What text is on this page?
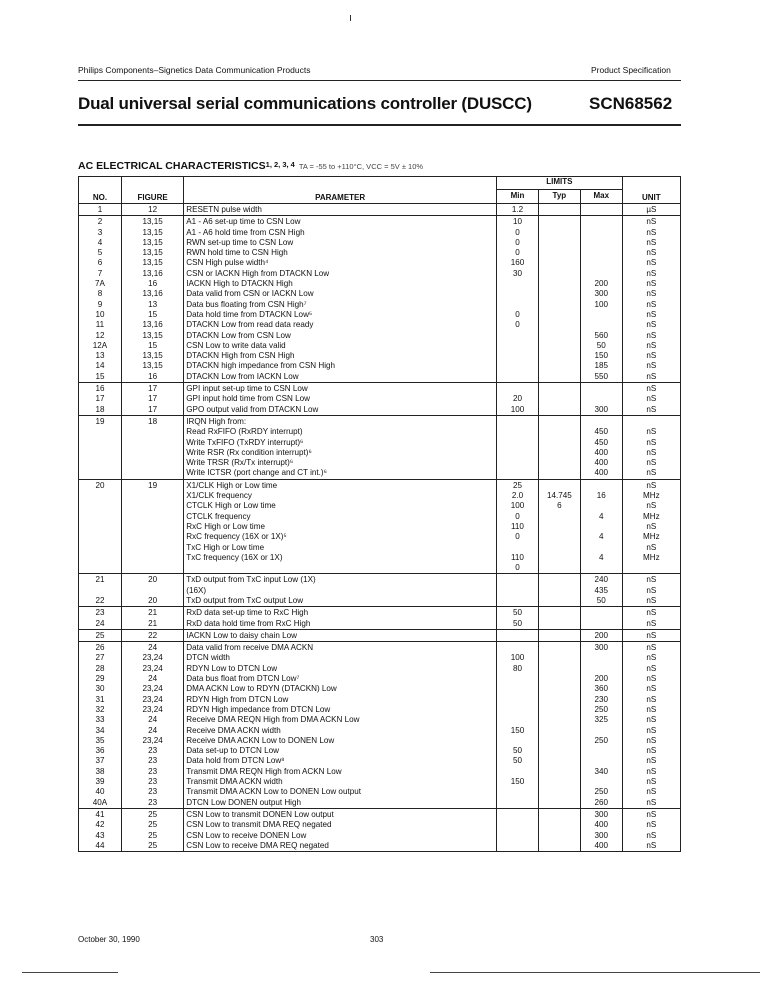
Philips Components–Signetics Data Communication Products	Product Specification
Dual universal serial communications controller (DUSCC)	SCN68562
AC ELECTRICAL CHARACTERISTICS$^{1, 2, 3, 4}$ TA = -55 to +110°C, VCC = 5V ± 10%
NO.	FIGURE	PARAMETER	LIMITS			UNIT
			Min	Typ	Max	
1	12	RESETN pulse width	1.2			µS
2	13,15	A1 - A6 set-up time to CSN Low	10			nS
3	13,15	A1 - A6 hold time from CSN High	0			nS
4	13,15	RWN set-up time to CSN Low	0			nS
5	13,15	RWN hold time to CSN High	0			nS
6	13,15	CSN High pulse width⁴	160			nS
7	13,16	CSN or IACKN High from DTACKN Low	30			nS
7A	16	IACKN High to DTACKN High			200	nS
8	13,16	Data valid from CSN or IACKN Low			300	nS
9	13	Data bus floating from CSN High⁷			100	nS
10	15	Data hold time from DTACKN Low⁵	0			nS
11	13,16	DTACKN Low from read data ready	0			nS
12	13,15	DTACKN Low from CSN Low			560	nS
12A	15	CSN Low to write data valid			50	nS
13	13,15	DTACKN High from CSN High			150	nS
14	13,15	DTACKN high impedance from CSN High			185	nS
15	16	DTACKN Low from IACKN Low			550	nS
16	17	GPI input set-up time to CSN Low				nS
17	17	GPI input hold time from CSN Low	20			nS
18	17	GPO output valid from DTACKN Low	100		300	nS
19	18	IRQN High from:				
		Read RxFIFO (RxRDY interrupt)			450	nS
		Write TxFIFO (TxRDY interrupt)⁶			450	nS
		Write RSR (Rx condition interrupt)⁶			400	nS
		Write TRSR (Rx/Tx interrupt)⁶			400	nS
		Write ICTSR (port change and CT int.)⁶			400	nS
20	19	X1/CLK High or Low time	25			nS
		X1/CLK frequency	2.0	14.745	16	MHz
		CTCLK High or Low time	100	6		nS
		CTCLK frequency	0		4	MHz
		RxC High or Low time	110			nS
		RxC frequency (16X or 1X)⁵	0		4	MHz
		TxC High or Low time				nS
		TxC frequency (16X or 1X)	110		4	MHz
			0			
21	20	TxD output from TxC input Low (1X)			240	nS
		(16X)			435	nS
22	20	TxD output from TxC output Low			50	nS
23	21	RxD data set-up time to RxC High	50			nS
24	21	RxD data hold time from RxC High	50			nS
25	22	IACKN Low to daisy chain Low			200	nS
26	24	Data valid from receive DMA ACKN			300	nS
27	23,24	DTCN width	100			nS
28	23,24	RDYN Low to DTCN Low	80			nS
29	24	Data bus float from DTCN Low⁷			200	nS
30	23,24	DMA ACKN Low to RDYN (DTACKN) Low			360	nS
31	23,24	RDYN High from DTCN Low			230	nS
32	23,24	RDYN High impedance from DTCN Low			250	nS
33	24	Receive DMA REQN High from DMA ACKN Low			325	nS
34	24	Receive DMA ACKN width	150			nS
35	23,24	Receive DMA ACKN Low to DONEN Low			250	nS
36	23	Data set-up to DTCN Low	50			nS
37	23	Data hold from DTCN Low⁸	50			nS
38	23	Transmit DMA REQN High from ACKN Low			340	nS
39	23	Transmit DMA ACKN width	150			nS
40	23	Transmit DMA ACKN Low to DONEN Low output			250	nS
40A	23	DTCN Low DONEN output High			260	nS
41	25	CSN Low to transmit DONEN Low output			300	nS
42	25	CSN Low to transmit DMA REQ negated			400	nS
43	25	CSN Low to receive DONEN Low			300	nS
44	25	CSN Low to receive DMA REQ negated			400	nS
October 30, 1990	303
